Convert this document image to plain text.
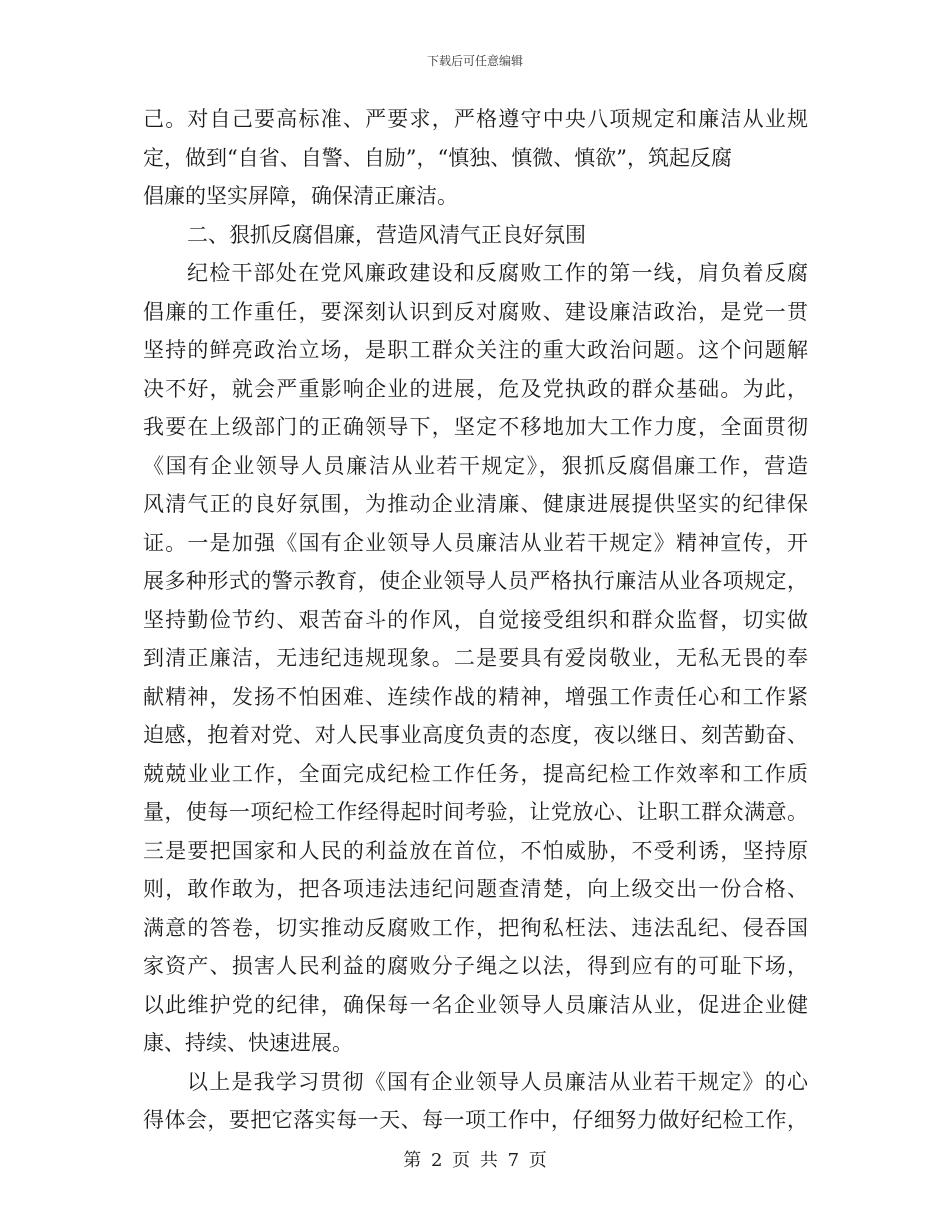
下载后可任意编辑
己。对自己要高标准、严要求，严格遵守中央八项规定和廉洁从业规
定，做到“自省、自警、自励”，“慎独、慎微、慎欲”，筑起反腐
倡廉的坚实屏障，确保清正廉洁。
二、狠抓反腐倡廉，营造风清气正良好氛围
纪检干部处在党风廉政建设和反腐败工作的第一线，肩负着反腐
倡廉的工作重任，要深刻认识到反对腐败、建设廉洁政治，是党一贯
坚持的鲜亮政治立场，是职工群众关注的重大政治问题。这个问题解
决不好，就会严重影响企业的进展，危及党执政的群众基础。为此，
我要在上级部门的正确领导下，坚定不移地加大工作力度，全面贯彻
《国有企业领导人员廉洁从业若干规定》，狠抓反腐倡廉工作，营造
风清气正的良好氛围，为推动企业清廉、健康进展提供坚实的纪律保
证。一是加强《国有企业领导人员廉洁从业若干规定》精神宣传，开
展多种形式的警示教育，使企业领导人员严格执行廉洁从业各项规定，
坚持勤俭节约、艰苦奋斗的作风，自觉接受组织和群众监督，切实做
到清正廉洁，无违纪违规现象。二是要具有爱岗敬业，无私无畏的奉
献精神，发扬不怕困难、连续作战的精神，增强工作责任心和工作紧
迫感，抱着对党、对人民事业高度负责的态度，夜以继日、刻苦勤奋、
兢兢业业工作，全面完成纪检工作任务，提高纪检工作效率和工作质
量，使每一项纪检工作经得起时间考验，让党放心、让职工群众满意。
三是要把国家和人民的利益放在首位，不怕威胁，不受利诱，坚持原
则，敢作敢为，把各项违法违纪问题查清楚，向上级交出一份合格、
满意的答卷，切实推动反腐败工作，把徇私枉法、违法乱纪、侵吞国
家资产、损害人民利益的腐败分子绳之以法，得到应有的可耻下场，
以此维护党的纪律，确保每一名企业领导人员廉洁从业，促进企业健
康、持续、快速进展。
以上是我学习贯彻《国有企业领导人员廉洁从业若干规定》的心
得体会，要把它落实每一天、每一项工作中，仔细努力做好纪检工作，
第 2 页 共 7 页
